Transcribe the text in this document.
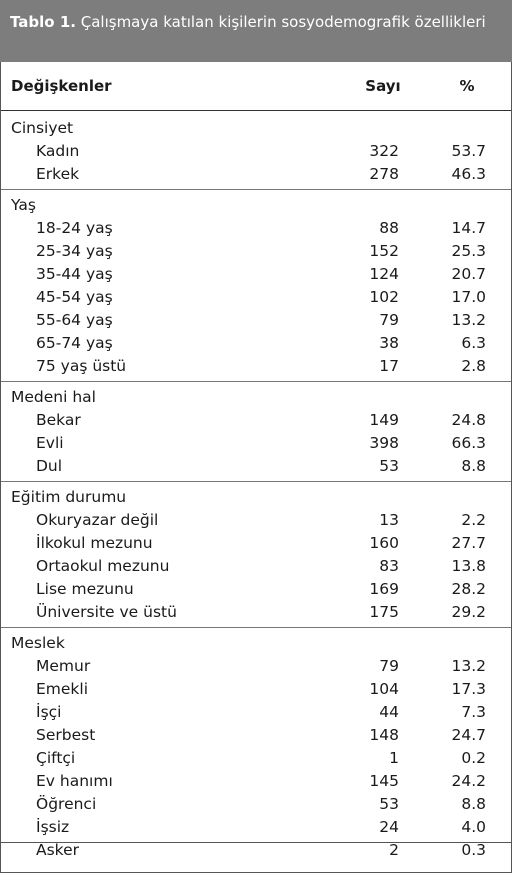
Tablo 1. Çalışmaya katılan kişilerin sosyodemografik özellikleri
Değişkenler	Sayı	%
Cinsiyet
Kadın	322	53.7
Erkek	278	46.3
Yaş
18-24 yaş	88	14.7
25-34 yaş	152	25.3
35-44 yaş	124	20.7
45-54 yaş	102	17.0
55-64 yaş	79	13.2
65-74 yaş	38	6.3
75 yaş üstü	17	2.8
Medeni hal
Bekar	149	24.8
Evli	398	66.3
Dul	53	8.8
Eğitim durumu
Okuryazar değil	13	2.2
İlkokul mezunu	160	27.7
Ortaokul mezunu	83	13.8
Lise mezunu	169	28.2
Üniversite ve üstü	175	29.2
Meslek
Memur	79	13.2
Emekli	104	17.3
İşçi	44	7.3
Serbest	148	24.7
Çiftçi	1	0.2
Ev hanımı	145	24.2
Öğrenci	53	8.8
İşsiz	24	4.0
Asker	2	0.3
